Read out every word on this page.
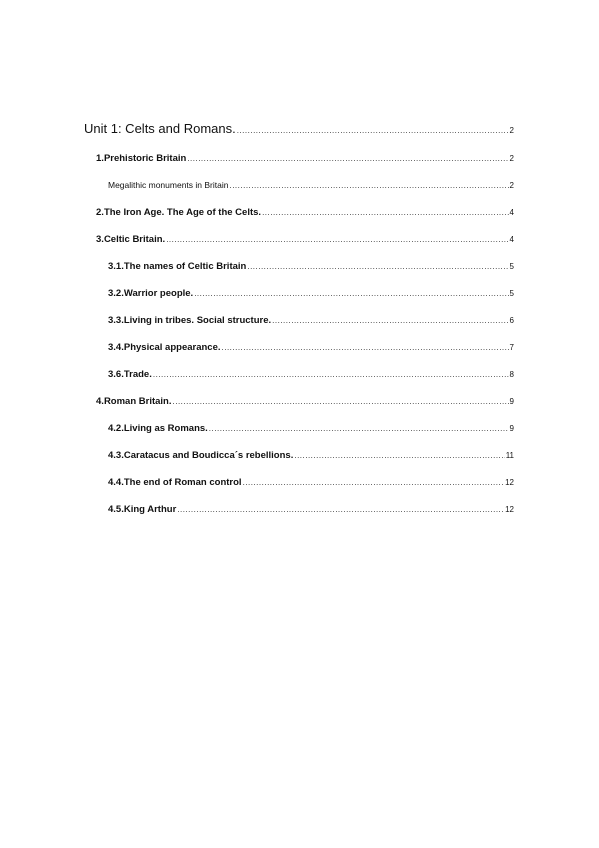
Unit 1: Celts and Romans. .....	2
1. Prehistoric Britain .....	2
Megalithic monuments in Britain .....	2
2. The Iron Age. The Age of the Celts. .....	4
3. Celtic Britain. .....	4
3.1. The names of Celtic Britain .....	5
3.2. Warrior people. .....	5
3.3. Living in tribes. Social structure. .....	6
3.4. Physical appearance. .....	7
3.6. Trade. .....	8
4. Roman Britain. .....	9
4.2. Living as Romans. .....	9
4.3. Caratacus and Boudicca´s rebellions. .....	11
4.4. The end of Roman control .....	12
4.5. King Arthur .....	12
